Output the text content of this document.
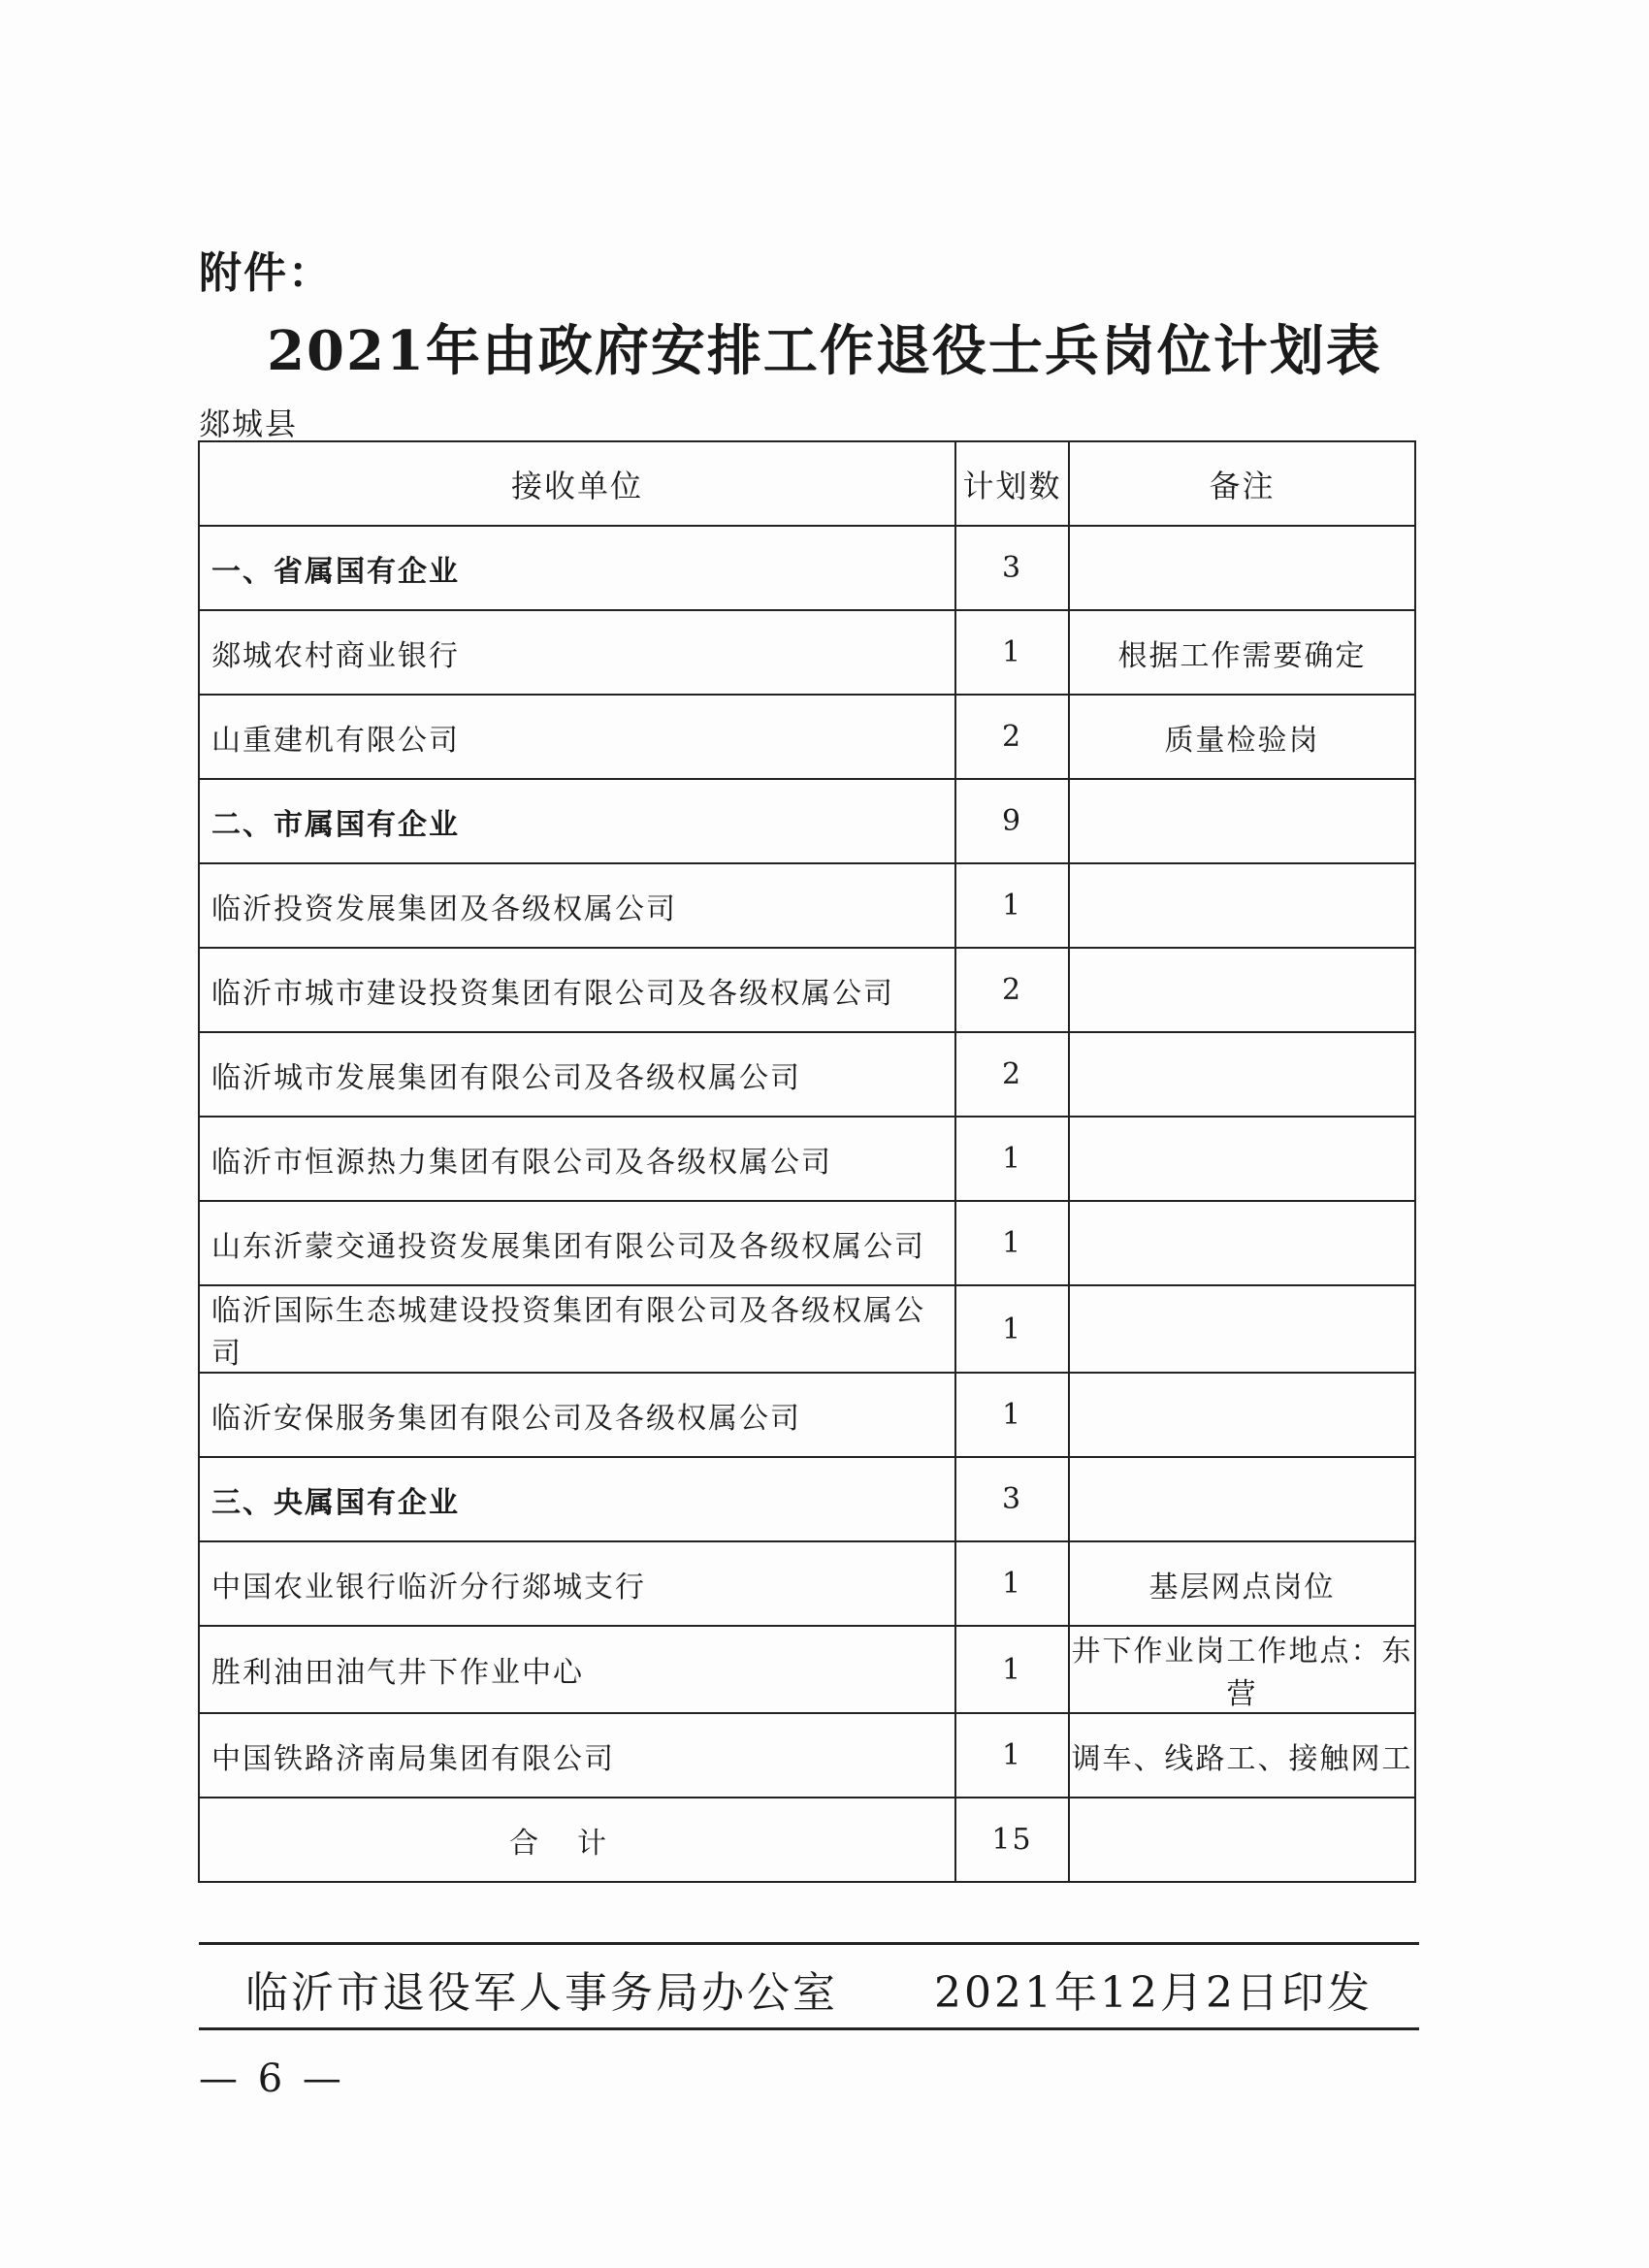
附件：
2021年由政府安排工作退役士兵岗位计划表
郯城县
接收单位	计划数	备注
一、省属国有企业	3	
郯城农村商业银行	1	根据工作需要确定
山重建机有限公司	2	质量检验岗
二、市属国有企业	9	
临沂投资发展集团及各级权属公司	1	
临沂市城市建设投资集团有限公司及各级权属公司	2	
临沂城市发展集团有限公司及各级权属公司	2	
临沂市恒源热力集团有限公司及各级权属公司	1	
山东沂蒙交通投资发展集团有限公司及各级权属公司	1	
临沂国际生态城建设投资集团有限公司及各级权属公司	1	
临沂安保服务集团有限公司及各级权属公司	1	
三、央属国有企业	3	
中国农业银行临沂分行郯城支行	1	基层网点岗位
胜利油田油气井下作业中心	1	井下作业岗工作地点：东营
中国铁路济南局集团有限公司	1	调车、线路工、接触网工
合计	15	
临沂市退役军人事务局办公室 2021年12月2日印发
— 6 —
